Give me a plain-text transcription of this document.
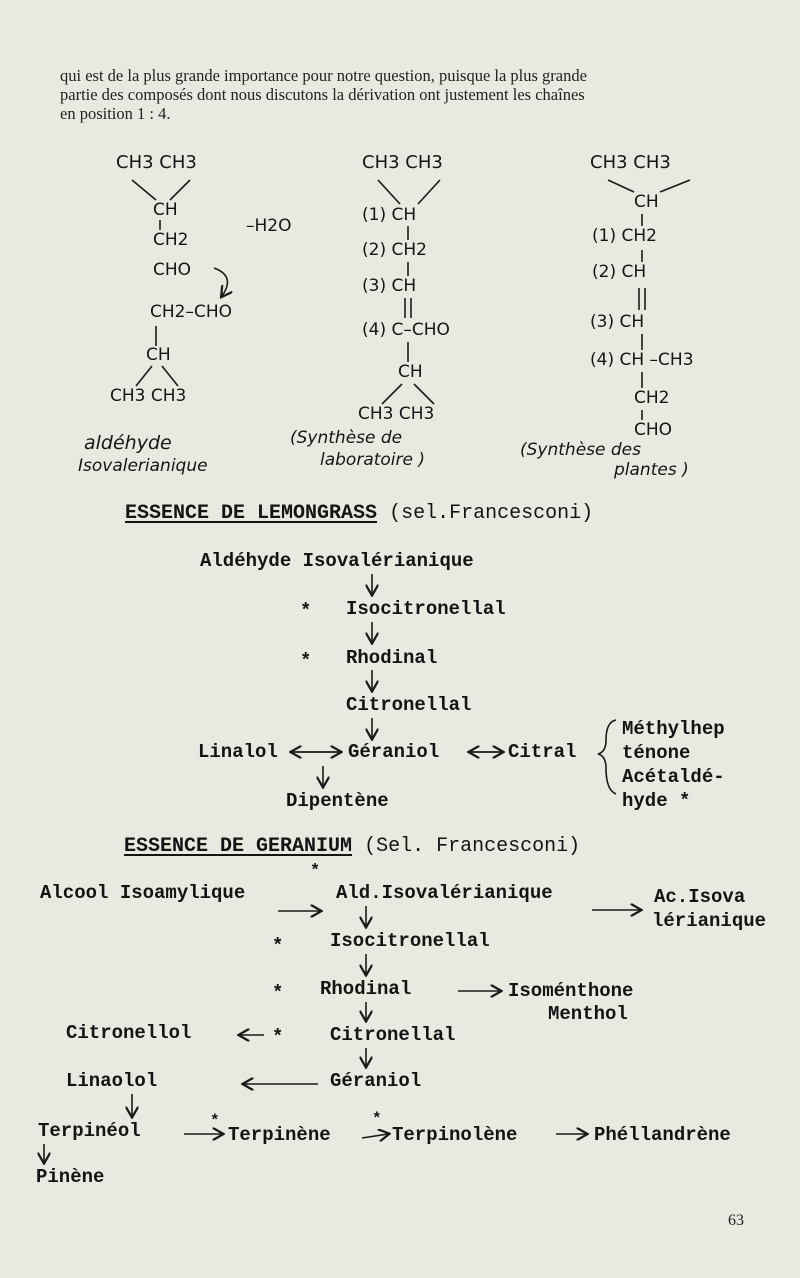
qui est de la plus grande importance pour notre question, puisque la plus grande
partie des composés dont nous discutons la dérivation ont justement les chaînes
en position 1 : 4.
CH3 CH3
CH
CH2
–H2O
CHO
CH2–CHO
CH
CH3 CH3
aldéhyde
Isovalerianique
CH3 CH3
(1) CH
(2) CH2
(3) CH
(4) C–CHO
CH
CH3 CH3
(Synthèse de
laboratoire )
CH3 CH3
CH
(1) CH2
(2) CH
(3) CH
(4) CH –CH3
CH2
CHO
(Synthèse des
plantes )
ESSENCE DE LEMONGRASS (sel.Francesconi)
Aldéhyde Isovalérianique
* Isocitronellal
* Rhodinal
Citronellal
Linalol	Géraniol	Citral
Méthylhep
ténone
Acétaldé-
hyde *
Dipentène
ESSENCE DE GERANIUM (Sel. Francesconi)
*
Alcool Isoamylique	Ald.Isovalérianique	Ac.Isova
lérianique
* Isocitronellal
* Rhodinal	Isoménthone
Menthol
Citronellol	* Citronellal
Linaolol	Géraniol
Terpinéol	*
Terpinène
*
Terpinolène	Phéllandrène
Pinène
63
